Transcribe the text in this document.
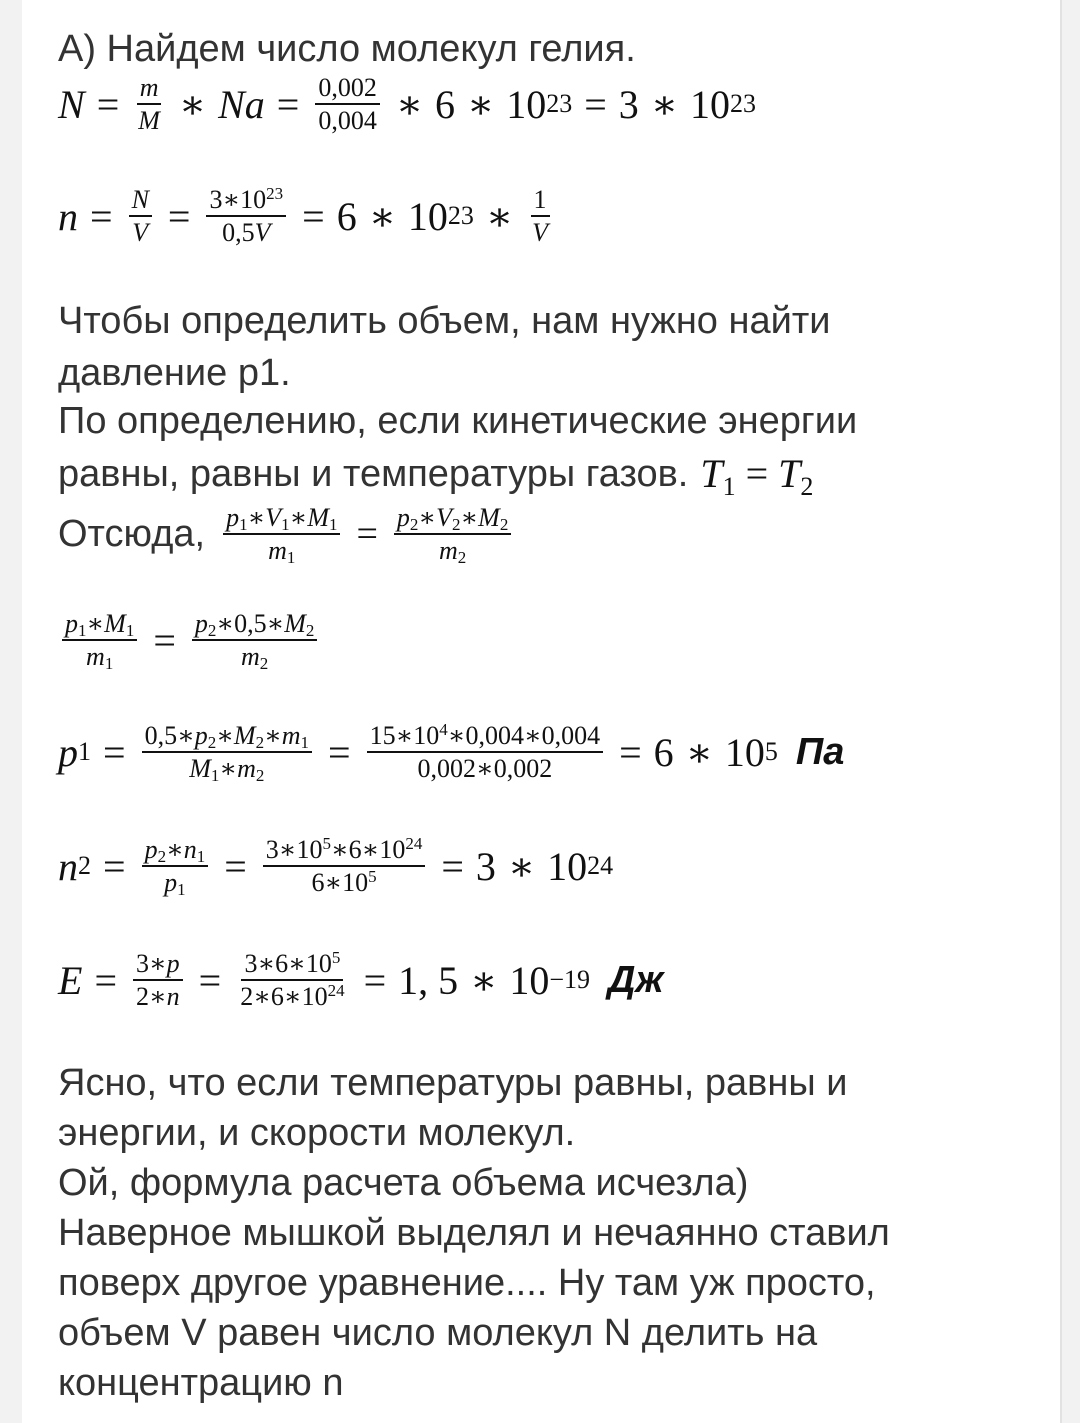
А) Найдем число молекул гелия.
$N = \frac{m}{M}$ ∗ $Na = \frac{0,002}{0,004}$ ∗ 6 ∗ 10 23 = 3 ∗ 10 23
$n = \frac{N}{V} = \frac{3∗10^{23}}{0,5V} = 6$ ∗ 10 23 ∗ $\frac{1}{V}$
Чтобы определить объем, нам нужно найти
давление р1.
По определению, если кинетические энергии
равны, равны и температуры газов. $T_1 = T_2$
Отсюда, $\frac{p_1∗V_1∗M_1}{m_1} = \frac{p_2∗V_2∗M_2}{m_2}$
$\frac{p_1∗M_1}{m_1} = \frac{p_2∗0,5∗M_2}{m_2}$
p $1 = \frac{0,5∗p_2∗M_2∗m_1}{M_1∗m_2} = \frac{15∗10^4∗0,004∗0,004}{0,002∗0,002} = 6$ ∗ 10 5 Па
n $2 = \frac{p_2∗n_1}{p_1} = \frac{3∗10^5∗6∗10^{24}}{6∗10^5} = 3$ ∗ 10 24
$E = \frac{3∗p}{2∗n} = \frac{3∗6∗10^5}{2∗6∗10^{24}} = 1$, 5 ∗ 10 −19 Дж
Ясно, что если температуры равны, равны и
энергии, и скорости молекул.
Ой, формула расчета объема исчезла)
Наверное мышкой выделял и нечаянно ставил
поверх другое уравнение.... Ну там уж просто,
объем V равен число молекул N делить на
концентрацию n
